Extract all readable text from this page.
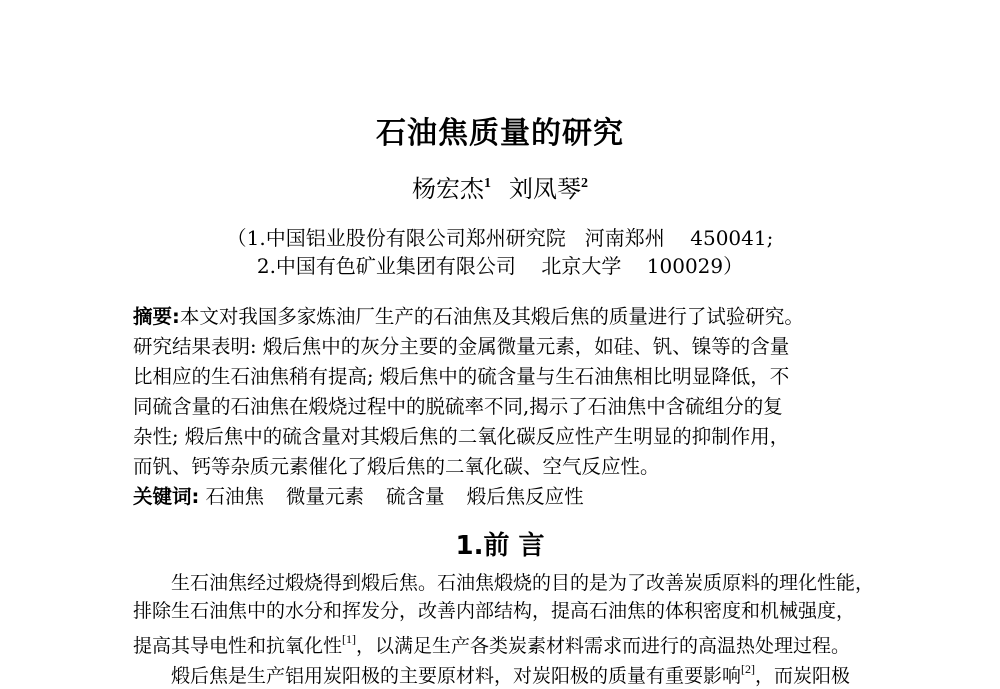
石油焦质量的研究
杨宏杰$^1$ 刘凤琴$^2$
（1.中国铝业股份有限公司郑州研究院   河南郑州    450041;
2.中国有色矿业集团有限公司    北京大学    100029）
摘要:本文对我国多家炼油厂生产的石油焦及其煅后焦的质量进行了试验研究。
研究结果表明: 煅后焦中的灰分主要的金属微量元素，如硅、钒、镍等的含量
比相应的生石油焦稍有提高; 煅后焦中的硫含量与生石油焦相比明显降低，不
同硫含量的石油焦在煅烧过程中的脱硫率不同,揭示了石油焦中含硫组分的复
杂性; 煅后焦中的硫含量对其煅后焦的二氧化碳反应性产生明显的抑制作用，
而钒、钙等杂质元素催化了煅后焦的二氧化碳、空气反应性。
关键词: 石油焦 微量元素 硫含量 煅后焦反应性
1.前 言
生石油焦经过煅烧得到煅后焦。石油焦煅烧的目的是为了改善炭质原料的理化性能，
排除生石油焦中的水分和挥发分，改善内部结构，提高石油焦的体积密度和机械强度，
提高其导电性和抗氧化性[1]，以满足生产各类炭素材料需求而进行的高温热处理过程。
煅后焦是生产铝用炭阳极的主要原材料，对炭阳极的质量有重要影响[2]，而炭阳极
